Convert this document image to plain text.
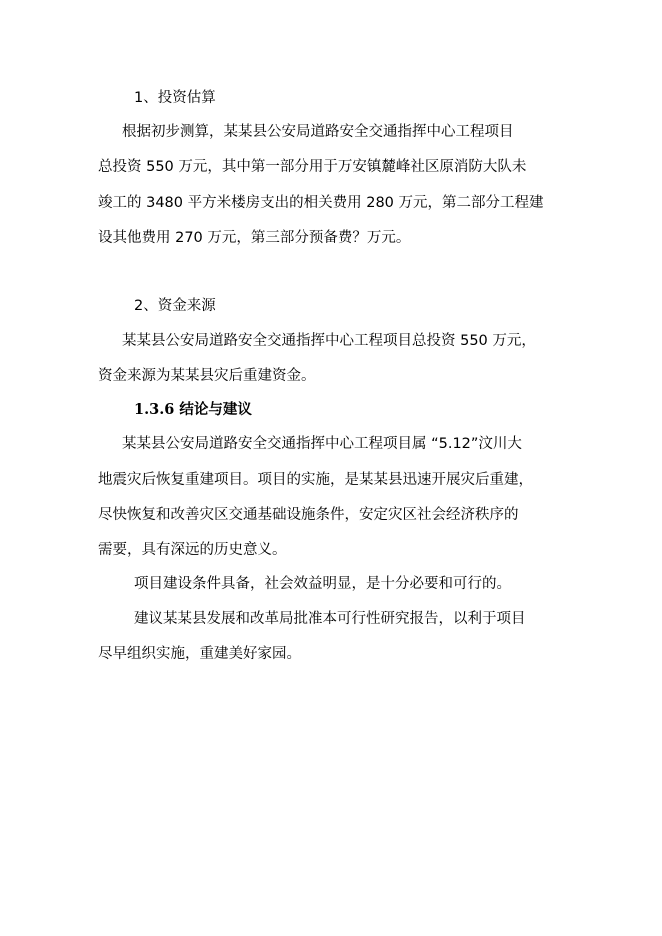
1、投资估算
根据初步测算，某某县公安局道路安全交通指挥中心工程项目
总投资 550 万元，其中第一部分用于万安镇麓峰社区原消防大队未
竣工的 3480 平方米楼房支出的相关费用 280 万元，第二部分工程建
设其他费用 270 万元，第三部分预备费？万元。
2、资金来源
某某县公安局道路安全交通指挥中心工程项目总投资 550 万元，
资金来源为某某县灾后重建资金。
1.3.6 结论与建议
某某县公安局道路安全交通指挥中心工程项目属 “5.12”汶川大
地震灾后恢复重建项目。项目的实施，是某某县迅速开展灾后重建，
尽快恢复和改善灾区交通基础设施条件，安定灾区社会经济秩序的
需要，具有深远的历史意义。
项目建设条件具备，社会效益明显，是十分必要和可行的。
建议某某县发展和改革局批准本可行性研究报告，以利于项目
尽早组织实施，重建美好家园。
